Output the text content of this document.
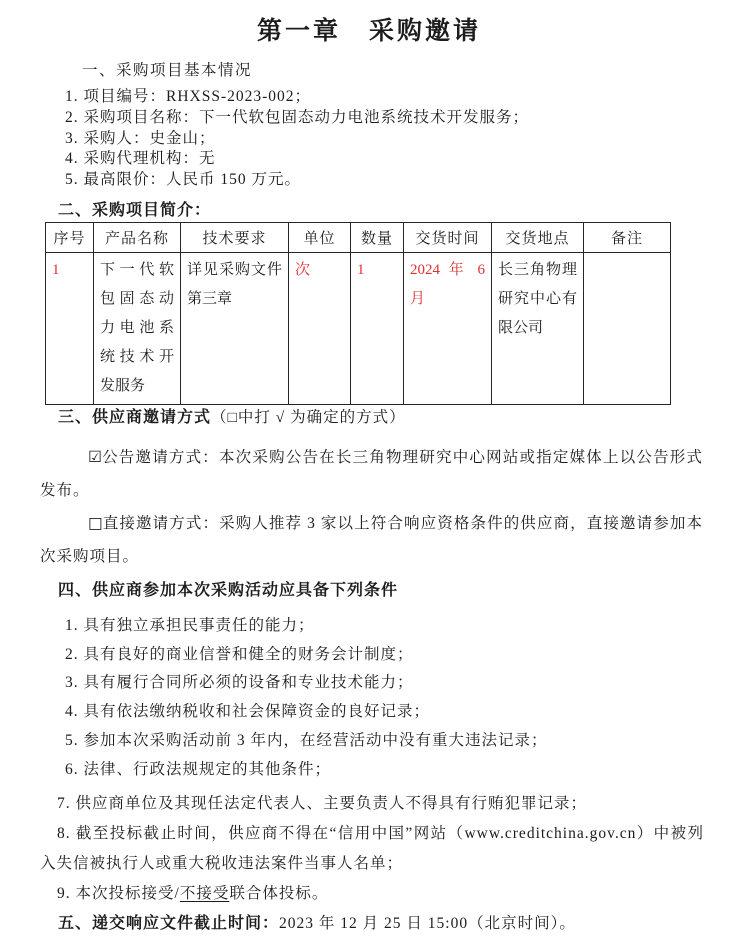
第一章　采购邀请
一、采购项目基本情况
1. 项目编号：RHXSS-2023-002；
2. 采购项目名称：下一代软包固态动力电池系统技术开发服务；
3. 采购人：史金山；
4. 采购代理机构：无
5. 最高限价：人民币 150 万元。
二、采购项目简介：
序号	产品名称	技术要求	单位	数量	交货时间	交货地点	备注
1	下一代软包固态动力电池系统技术开发服务	详见采购文件第三章	次	1	2024 年 6 月	长三角物理研究中心有限公司	
三、供应商邀请方式（□中打 √ 为确定的方式）

☑公告邀请方式：本次采购公告在长三角物理研究中心网站或指定媒体上以公告形式发布。

□直接邀请方式：采购人推荐 3 家以上符合响应资格条件的供应商，直接邀请参加本次采购项目。

四、供应商参加本次采购活动应具备下列条件

1. 具有独立承担民事责任的能力；

2. 具有良好的商业信誉和健全的财务会计制度；

3. 具有履行合同所必须的设备和专业技术能力；

4. 具有依法缴纳税收和社会保障资金的良好记录；

5. 参加本次采购活动前 3 年内，在经营活动中没有重大违法记录；

6. 法律、行政法规规定的其他条件；

7. 供应商单位及其现任法定代表人、主要负责人不得具有行贿犯罪记录；

8. 截至投标截止时间，供应商不得在“信用中国”网站（www.creditchina.gov.cn）中被列入失信被执行人或重大税收违法案件当事人名单；

9. 本次投标接受/不接受联合体投标。

五、递交响应文件截止时间：2023 年 12 月 25 日 15:00（北京时间）。
